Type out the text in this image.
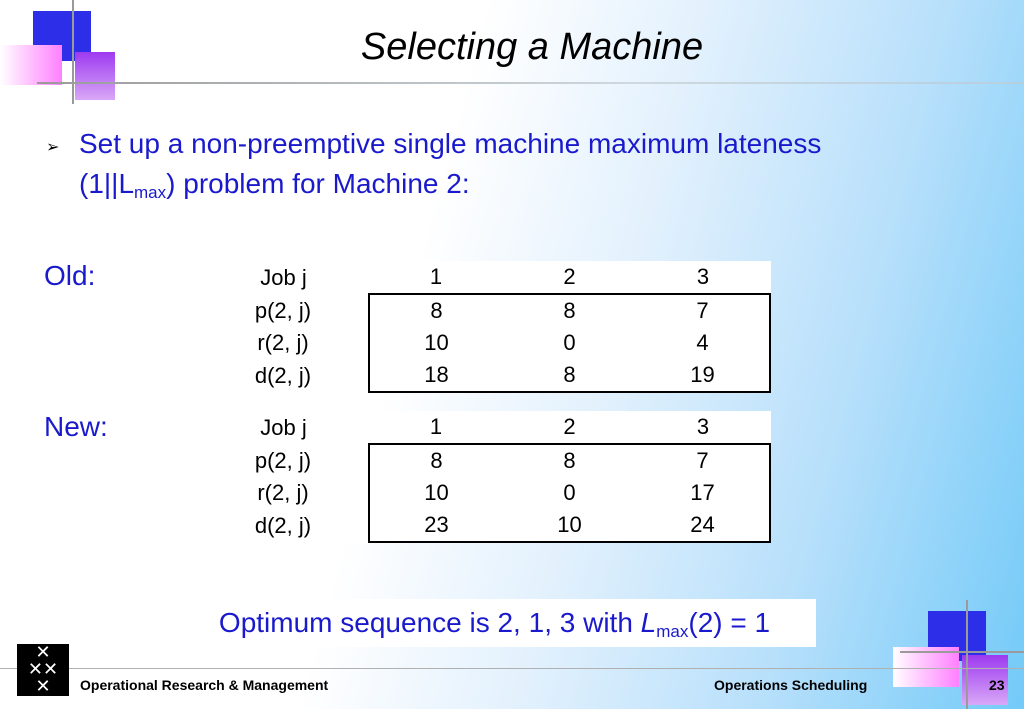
Selecting a Machine
➢ Set up a non-preemptive single machine maximum lateness
$(1||L_{max})$ problem for Machine 2:
Old:	Job j	1	2	3
p(2, j)	8	8	7
r(2, j)	10	0	4
d(2, j)	18	8	19
New:	Job j	1	2	3
p(2, j)	8	8	7
r(2, j)	10	0	17
d(2, j)	23	10	24
Optimum sequence is 2, 1, 3 with $L_{max}(2) = 1$
✕
✕✕
✕	Operational Research & Management	Operations Scheduling	23
